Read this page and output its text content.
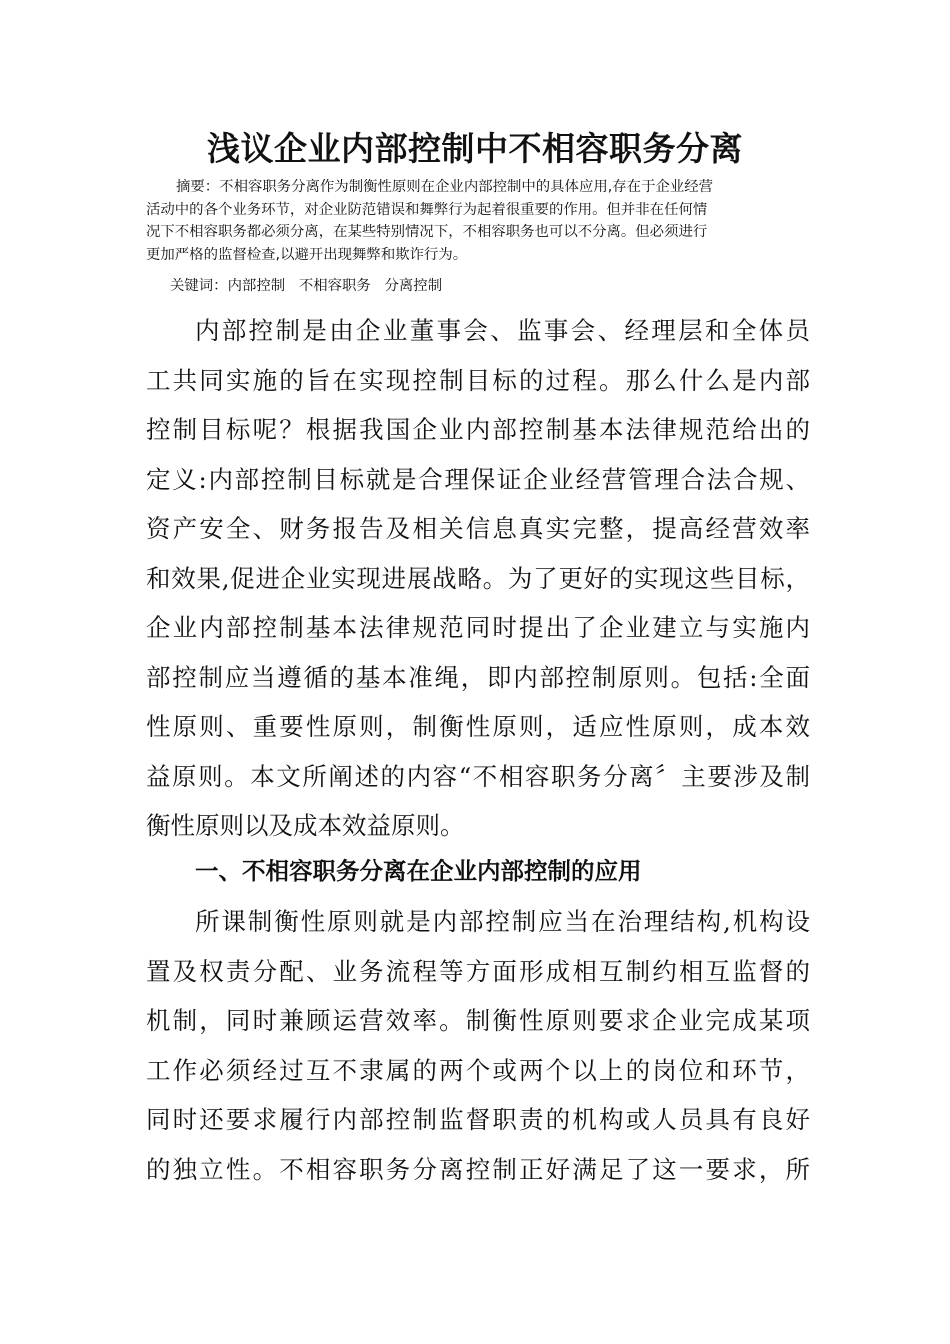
浅议企业内部控制中不相容职务分离
摘要：不相容职务分离作为制衡性原则在企业内部控制中的具体应用,存在于企业经营
活动中的各个业务环节，对企业防范错误和舞弊行为起着很重要的作用。但并非在任何情
况下不相容职务都必须分离，在某些特别情况下，不相容职务也可以不分离。但必须进行
更加严格的监督检查,以避开出现舞弊和欺诈行为。
关键词：内部控制   不相容职务   分离控制
内部控制是由企业董事会、监事会、经理层和全体员
工共同实施的旨在实现控制目标的过程。那么什么是内部
控制目标呢？根据我国企业内部控制基本法律规范给出的
定义:内部控制目标就是合理保证企业经营管理合法合规、
资产安全、财务报告及相关信息真实完整，提高经营效率
和效果,促进企业实现进展战略。为了更好的实现这些目标，
企业内部控制基本法律规范同时提出了企业建立与实施内
部控制应当遵循的基本准绳，即内部控制原则。包括:全面
性原则、重要性原则，制衡性原则，适应性原则，成本效
益原则。本文所阐述的内容“不相容职务分离〞主要涉及制
衡性原则以及成本效益原则。
一、不相容职务分离在企业内部控制的应用
所课制衡性原则就是内部控制应当在治理结构,机构设
置及权责分配、业务流程等方面形成相互制约相互监督的
机制，同时兼顾运营效率。制衡性原则要求企业完成某项
工作必须经过互不隶属的两个或两个以上的岗位和环节，
同时还要求履行内部控制监督职责的机构或人员具有良好
的独立性。不相容职务分离控制正好满足了这一要求，所
